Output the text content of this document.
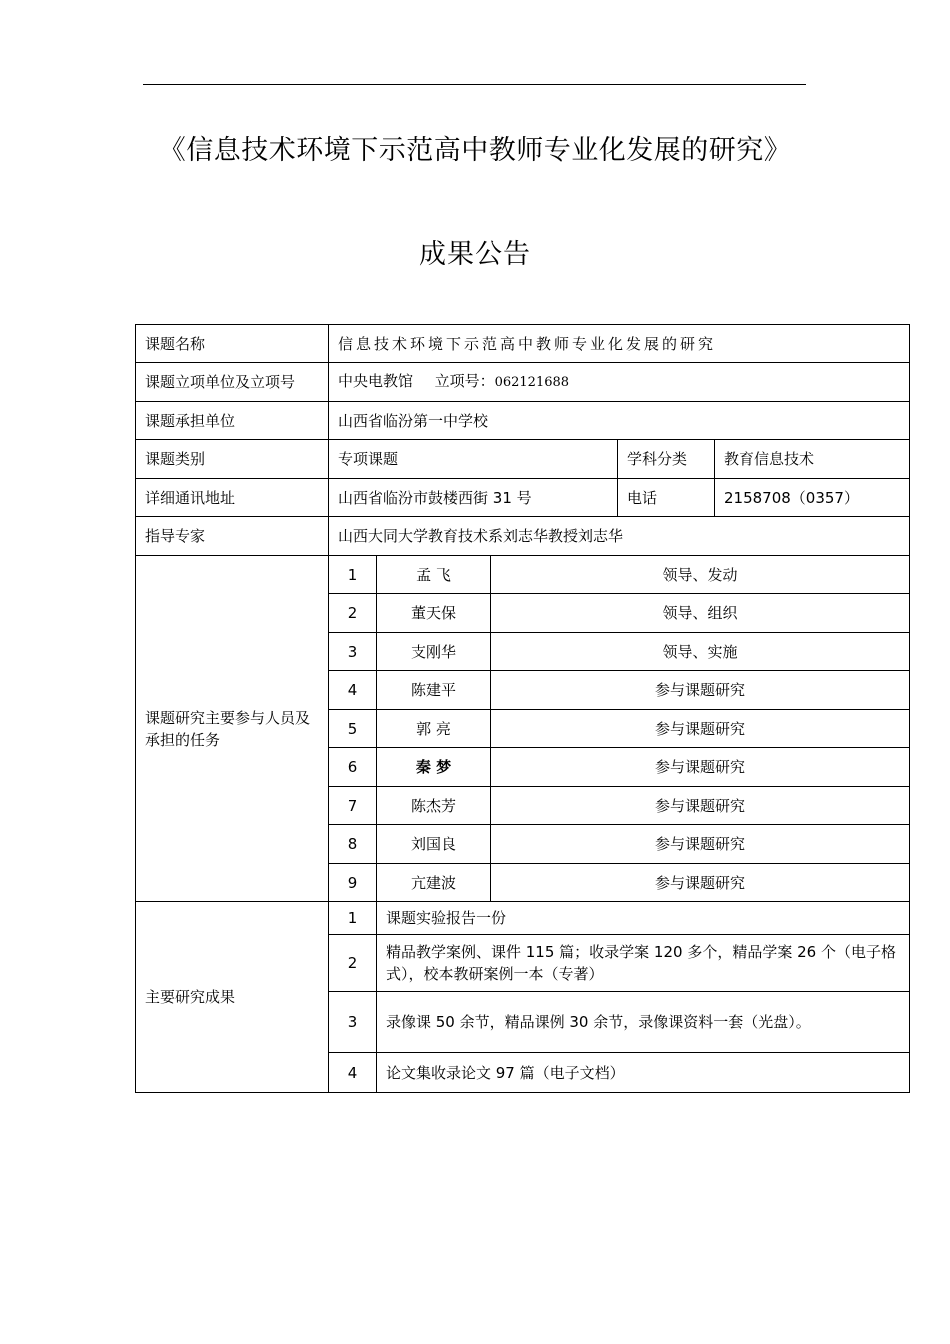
《信息技术环境下示范高中教师专业化发展的研究》
成果公告
课题名称	信息技术环境下示范高中教师专业化发展的研究				
课题立项单位及立项号	中央电教馆 立项号：062121688				
课题承担单位	山西省临汾第一中学校				
课题类别	专项课题			学科分类	教育信息技术
详细通讯地址	山西省临汾市鼓楼西街 31 号			电话	2158708（0357）
指导专家	山西大同大学教育技术系刘志华教授刘志华				
课题研究主要参与人员及承担的任务	1	孟 飞	领导、发动		
	2	董天保	领导、组织		
	3	支刚华	领导、实施		
	4	陈建平	参与课题研究		
	5	郭 亮	参与课题研究		
	6	秦 梦	参与课题研究		
	7	陈杰芳	参与课题研究		
	8	刘国良	参与课题研究		
	9	亢建波	参与课题研究		
主要研究成果	1	课题实验报告一份			
	2	精品教学案例、课件 115 篇；收录学案 120 多个，精品学案 26 个（电子格式），校本教研案例一本（专著）			
	3	录像课 50 余节，精品课例 30 余节，录像课资料一套（光盘）。			
	4	论文集收录论文 97 篇（电子文档）			
